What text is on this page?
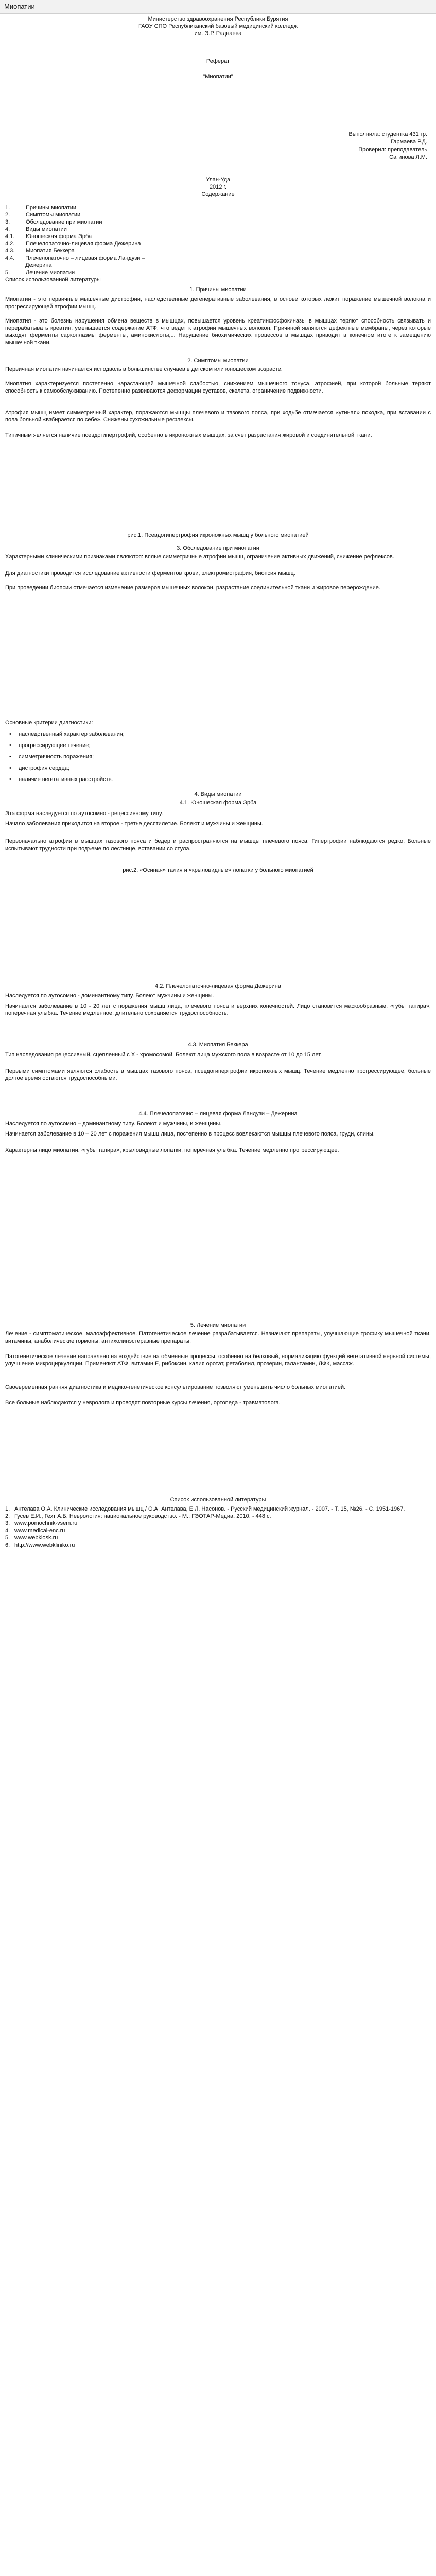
Миопатии
Министерство здравоохранения Республики Бурятия
ГАОУ СПО Республиканский базовый медицинский колледж
им. Э.Р. Раднаева
Реферат
"Миопатии"
Выполнила: студентка 431 гр.
Гармаева Р.Д.
Проверил: преподаватель
Сагинова Л.М.
Улан-Удэ
2012 г.
Содержание
1.	Причины миопатии
2.	Симптомы миопатии
3.	Обследование при миопатии
4.	Виды миопатии
4.1.	Юношеская форма Эрба
4.2.	Плечелопаточно-лицевая форма Дежерина
4.3.	Миопатия Беккера
4.4.	Плечелопаточно – лицевая форма Ландузи – Дежерина
5.	Лечение миопатии
Список использованной литературы
1. Причины миопатии
Миопатии - это первичные мышечные дистрофии, наследственные дегенеративные заболевания, в основе которых лежит поражение мышечной волокна и прогрессирующей атрофии мышц.
Миопатия - это болезнь нарушения обмена веществ в мышцах, повышается уровень креатинфосфокиназы в мышцах теряют способность связывать и перерабатывать креатин, уменьшается содержание АТФ, что ведет к атрофии мышечных волокон. Причиной являются дефектные мембраны, через которые выходят ферменты саркоплазмы ферменты, аминокислоты,... Нарушение биохимических процессов в мышцах приводит в конечном итоге к замещению мышечной ткани.
2. Симптомы миопатии
Первичная миопатия начинается исподволь в большинстве случаев в детском или юношеском возрасте.
Миопатия характеризуется постепенно нарастающей мышечной слабостью, снижением мышечного тонуса, атрофией, при которой больные теряют способность к самообслуживанию. Постепенно развиваются деформации суставов, скелета, ограничение подвижности.
Атрофия мышц имеет симметричный характер, поражаются мышцы плечевого и тазового пояса, при ходьбе отмечается «утиная» походка, при вставании с пола больной «взбирается по себе». Снижены сухожильные рефлексы.
Типичным является наличие псевдогипертрофий, особенно в икроножных мышцах, за счет разрастания жировой и соединительной ткани.
рис.1. Псевдогипертрофия икроножных мышц у больного миопатией
3. Обследование при миопатии
Характерными клиническими признаками являются: вялые симметричные атрофии мышц, ограничение активных движений, снижение рефлексов.
Для диагностики проводится исследование активности ферментов крови, электромиография, биопсия мышц.
При проведении биопсии отмечается изменение размеров мышечных волокон, разрастание соединительной ткани и жировое перерождение.
Основные критерии диагностики:
•	наследственный характер заболевания;
•	прогрессирующее течение;
•	симметричность поражения;
•	дистрофия сердца;
•	наличие вегетативных расстройств.
4. Виды миопатии
4.1. Юношеская форма Эрба
Эта форма наследуется по аутосомно - рецессивному типу.
Начало заболевания приходится на второе - третье десятилетие. Болеют и мужчины и женщины.
Первоначально атрофии в мышцах тазового пояса и бедер и распространяются на мышцы плечевого пояса. Гипертрофии наблюдаются редко. Больные испытывают трудности при подъеме по лестнице, вставании со стула.
рис.2. «Осиная» талия и «крыловидные» лопатки у больного миопатией
4.2. Плечелопаточно-лицевая форма Дежерина
Наследуется по аутосомно - доминантному типу. Болеют мужчины и женщины.
Начинается заболевание в 10 - 20 лет с поражения мышц лица, плечевого пояса и верхних конечностей. Лицо становится маскообразным, «губы тапира», поперечная улыбка. Течение медленное, длительно сохраняется трудоспособность.
4.3. Миопатия Беккера
Тип наследования рецессивный, сцепленный с Х - хромосомой. Болеют лица мужского пола в возрасте от 10 до 15 лет.
Первыми симптомами являются слабость в мышцах тазового пояса, псевдогипертрофии икроножных мышц. Течение медленно прогрессирующее, больные долгое время остаются трудоспособными.
4.4. Плечелопаточно – лицевая форма Ландузи – Дежерина
Наследуется по аутосомно – доминантному типу. Болеют и мужчины, и женщины.
Начинается заболевание в 10 – 20 лет с поражения мышц лица, постепенно в процесс вовлекаются мышцы плечевого пояса, груди, спины.
Характерны лицо миопатии, «губы тапира», крыловидные лопатки, поперечная улыбка. Течение медленно прогрессирующее.
5. Лечение миопатии
Лечение - симптоматическое, малоэффективное. Патогенетическое лечение разрабатывается. Назначают препараты, улучшающие трофику мышечной ткани, витамины, анаболические гормоны, антихолинэстеразные препараты.
Патогенетическое лечение направлено на воздействие на обменные процессы, особенно на белковый, нормализацию функций вегетативной нервной системы, улучшение микроциркуляции. Применяют АТФ, витамин Е, рибоксин, калия оротат, ретаболил, прозерин, галантамин, ЛФК, массаж.
Своевременная ранняя диагностика и медико-генетическое консультирование позволяют уменьшить число больных миопатией.
Все больные наблюдаются у невролога и проводят повторные курсы лечения, ортопеда - травматолога.
Список использованной литературы
1. Антелава О.А. Клинические исследования мышц / О.А. Антелава, Е.Л. Насонов. - Русский медицинский журнал. - 2007. - Т. 15, №26. - С. 1951-1967.
2. Гусев Е.И., Гехт А.Б. Неврология: национальное руководство. - М.: ГЭОТАР-Медиа, 2010. - 448 с.
3. www.pomochnik-vsem.ru
4. www.medical-enc.ru
5. www.webkiosk.ru
6. http://www.webkliniko.ru
